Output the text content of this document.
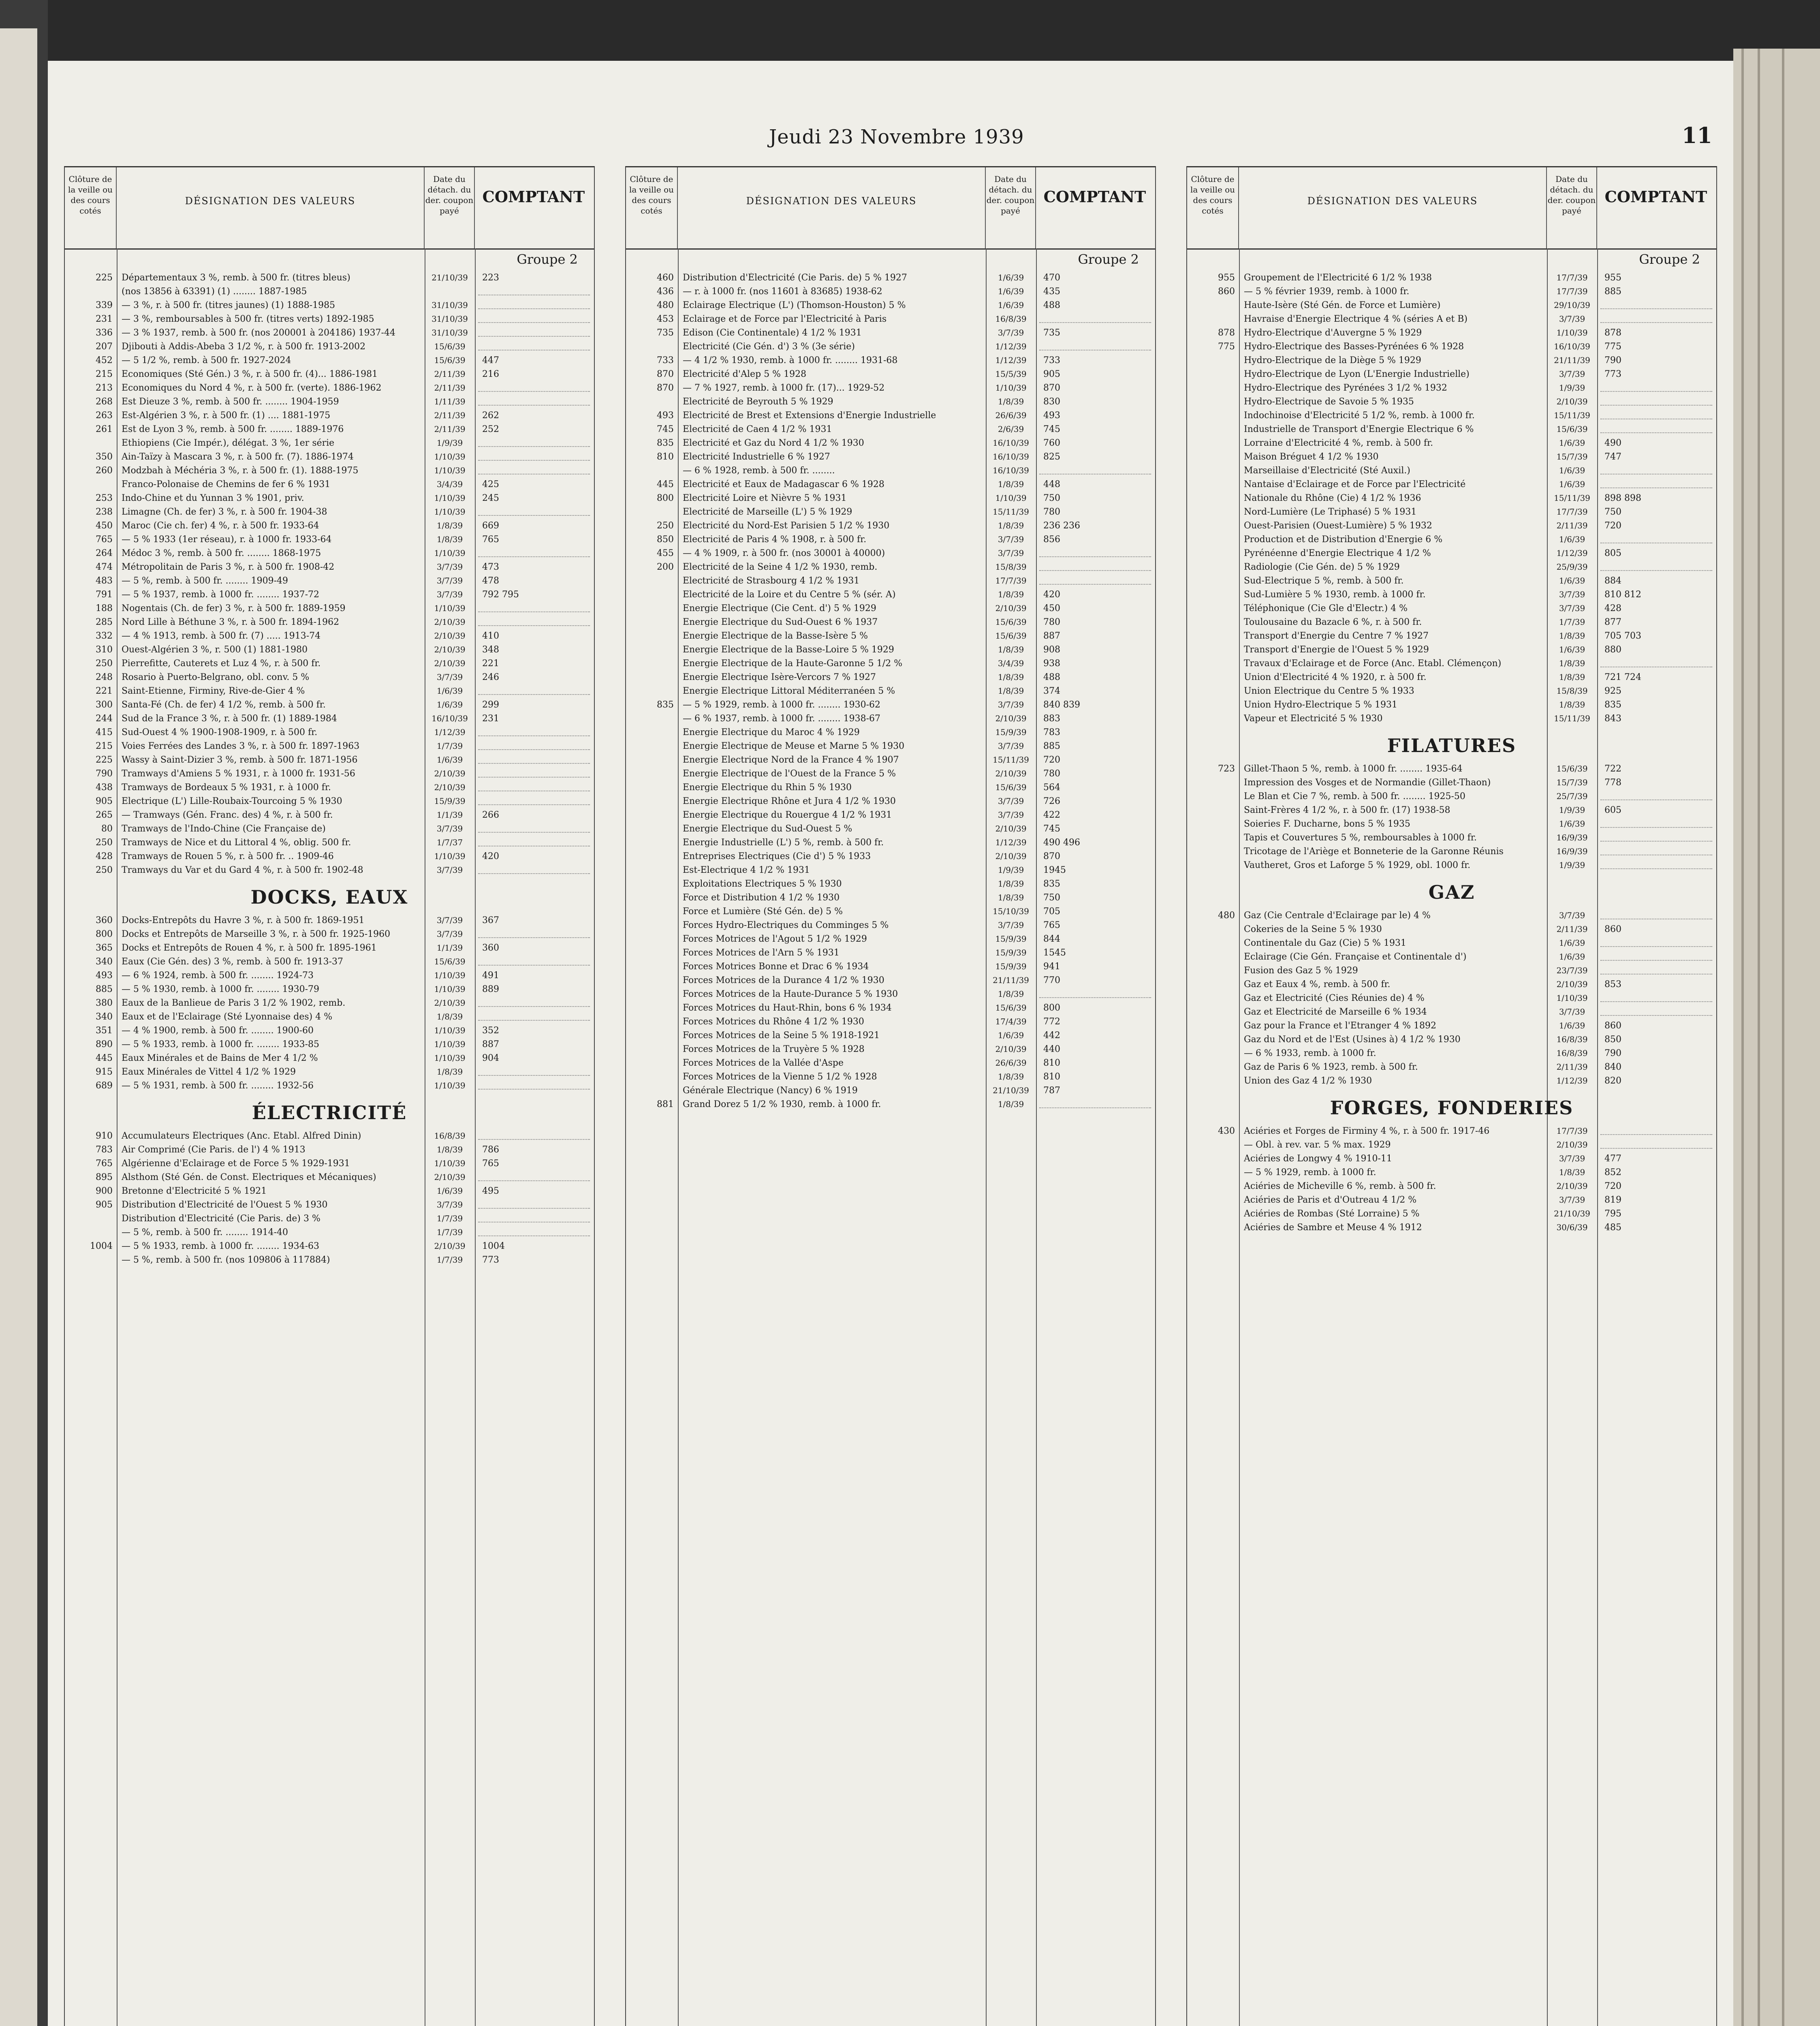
Jeudi 23 Novembre 1939	11
Clôture de la veille ou des cours cotés
DÉSIGNATION DES VALEURS
Date du détach. du der. coupon payé
COMPTANT
Groupe 2
225 Départementaux 3 %, remb. à 500 fr. (titres bleus)	21/10/39 223
(nos 13856 à 63391) (1) ........ 1887-1985
339 — 3 %, r. à 500 fr. (titres jaunes) (1) 1888-1985	31/10/39
231 — 3 %, remboursables à 500 fr. (titres verts) 1892-1985	31/10/39
336 — 3 % 1937, remb. à 500 fr. (nos 200001 à 204186) 1937-44	31/10/39
207 Djibouti à Addis-Abeba 3 1/2 %, r. à 500 fr. 1913-2002	15/6/39
452 — 5 1/2 %, remb. à 500 fr. 1927-2024	15/6/39	447
215 Economiques (Sté Gén.) 3 %, r. à 500 fr. (4)... 1886-1981	2/11/39	216
213 Economiques du Nord 4 %, r. à 500 fr. (verte). 1886-1962	2/11/39
268 Est Dieuze 3 %, remb. à 500 fr. ........ 1904-1959	1/11/39
263 Est-Algérien 3 %, r. à 500 fr. (1) .... 1881-1975	2/11/39	262
261 Est de Lyon 3 %, remb. à 500 fr. ........ 1889-1976	2/11/39	252
Ethiopiens (Cie Impér.), délégat. 3 %, 1er série	1/9/39
350 Ain-Taïzy à Mascara 3 %, r. à 500 fr. (7). 1886-1974	1/10/39
260 Modzbah à Méchéria 3 %, r. à 500 fr. (1). 1888-1975	1/10/39
Franco-Polonaise de Chemins de fer 6 % 1931	3/4/39	425
253 Indo-Chine et du Yunnan 3 % 1901, priv.	1/10/39	245
238 Limagne (Ch. de fer) 3 %, r. à 500 fr. 1904-38	1/10/39
450 Maroc (Cie ch. fer) 4 %, r. à 500 fr. 1933-64	1/8/39	669
765 — 5 % 1933 (1er réseau), r. à 1000 fr. 1933-64	1/8/39	765
264 Médoc 3 %, remb. à 500 fr. ........ 1868-1975	1/10/39
474 Métropolitain de Paris 3 %, r. à 500 fr. 1908-42	3/7/39	473
483 — 5 %, remb. à 500 fr. ........ 1909-49	3/7/39	478
791 — 5 % 1937, remb. à 1000 fr. ........ 1937-72	3/7/39	792 795
188 Nogentais (Ch. de fer) 3 %, r. à 500 fr. 1889-1959	1/10/39
285 Nord Lille à Béthune 3 %, r. à 500 fr. 1894-1962	2/10/39
332 — 4 % 1913, remb. à 500 fr. (7) ..... 1913-74	2/10/39	410
310 Ouest-Algérien 3 %, r. 500 (1) 1881-1980	2/10/39	348
250 Pierrefitte, Cauterets et Luz 4 %, r. à 500 fr.	2/10/39	221
248 Rosario à Puerto-Belgrano, obl. conv. 5 %	3/7/39	246
221 Saint-Etienne, Firminy, Rive-de-Gier 4 %	1/6/39
300 Santa-Fé (Ch. de fer) 4 1/2 %, remb. à 500 fr.	1/6/39	299
244 Sud de la France 3 %, r. à 500 fr. (1) 1889-1984	16/10/39 231
415 Sud-Ouest 4 % 1900-1908-1909, r. à 500 fr.	1/12/39
215 Voies Ferrées des Landes 3 %, r. à 500 fr. 1897-1963	1/7/39
225 Wassy à Saint-Dizier 3 %, remb. à 500 fr. 1871-1956	1/6/39
790 Tramways d'Amiens 5 % 1931, r. à 1000 fr. 1931-56	2/10/39
438 Tramways de Bordeaux 5 % 1931, r. à 1000 fr.	2/10/39
905 Electrique (L') Lille-Roubaix-Tourcoing 5 % 1930	15/9/39
265 — Tramways (Gén. Franc. des) 4 %, r. à 500 fr.	1/1/39	266
80 Tramways de l'Indo-Chine (Cie Française de)	3/7/39
250 Tramways de Nice et du Littoral 4 %, oblig. 500 fr.	1/7/37
428 Tramways de Rouen 5 %, r. à 500 fr. .. 1909-46	1/10/39	420
250 Tramways du Var et du Gard 4 %, r. à 500 fr. 1902-48	3/7/39
DOCKS, EAUX
360 Docks-Entrepôts du Havre 3 %, r. à 500 fr. 1869-1951	3/7/39	367
800 Docks et Entrepôts de Marseille 3 %, r. à 500 fr. 1925-1960	3/7/39
365 Docks et Entrepôts de Rouen 4 %, r. à 500 fr. 1895-1961	1/1/39	360
340 Eaux (Cie Gén. des) 3 %, remb. à 500 fr. 1913-37	15/6/39
493 — 6 % 1924, remb. à 500 fr. ........ 1924-73	1/10/39	491
885 — 5 % 1930, remb. à 1000 fr. ........ 1930-79	1/10/39	889
380 Eaux de la Banlieue de Paris 3 1/2 % 1902, remb.	2/10/39
340 Eaux et de l'Eclairage (Sté Lyonnaise des) 4 %	1/8/39
351 — 4 % 1900, remb. à 500 fr. ........ 1900-60	1/10/39	352
890 — 5 % 1933, remb. à 1000 fr. ........ 1933-85	1/10/39	887
445 Eaux Minérales et de Bains de Mer 4 1/2 %	1/10/39	904
915 Eaux Minérales de Vittel 4 1/2 % 1929	1/8/39
689 — 5 % 1931, remb. à 500 fr. ........ 1932-56	1/10/39
ÉLECTRICITÉ
910 Accumulateurs Électriques (Anc. Etabl. Alfred Dinin)	16/8/39
783 Air Comprimé (Cie Paris. de l') 4 % 1913	1/8/39	786
765 Algérienne d'Eclairage et de Force 5 % 1929-1931	1/10/39	765
895 Alsthom (Sté Gén. de Const. Electriques et Mécaniques)	2/10/39
900 Bretonne d'Electricité 5 % 1921	1/6/39	495
905 Distribution d'Electricité de l'Ouest 5 % 1930	3/7/39
Distribution d'Electricité (Cie Paris. de) 3 %	1/7/39
— 5 %, remb. à 500 fr. ........ 1914-40	1/7/39
1004 — 5 % 1933, remb. à 1000 fr. ........ 1934-63	2/10/39	1004
— 5 %, remb. à 500 fr. (nos 109806 à 117884)	1/7/39	773
Clôture de la veille ou des cours cotés
DÉSIGNATION DES VALEURS
Date du détach. du der. coupon payé
COMPTANT
Groupe 2
460 Distribution d'Électricité (Cie Paris. de) 5 % 1927	1/6/39	470
436 — r. à 1000 fr. (nos 11601 à 83685) 1938-62	1/6/39	435
480 Eclairage Electrique (L') (Thomson-Houston) 5 %	1/6/39	488
453 Eclairage et de Force par l'Electricité à Paris	16/8/39
735 Edison (Cie Continentale) 4 1/2 % 1931	3/7/39	735
Electricité (Cie Gén. d') 3 % (3e série)	1/12/39
733 — 4 1/2 % 1930, remb. à 1000 fr. ........ 1931-68	1/12/39	733
870 Electricité d'Alep 5 % 1928	15/5/39	905
870 — 7 % 1927, remb. à 1000 fr. (17)... 1929-52	1/10/39	870
Electricité de Beyrouth 5 % 1929	1/8/39	830
493 Electricité de Brest et Extensions d'Energie Industrielle	26/6/39	493
745 Electricité de Caen 4 1/2 % 1931	2/6/39	745
835 Electricité et Gaz du Nord 4 1/2 % 1930	16/10/39 760
810 Electricité Industrielle 6 % 1927	16/10/39 825
— 6 % 1928, remb. à 500 fr. ........	16/10/39
445 Electricité et Eaux de Madagascar 6 % 1928	1/8/39	448
800 Electricité Loire et Nièvre 5 % 1931	1/10/39	750
Electricité de Marseille (L') 5 % 1929	15/11/39 780
250 Electricité du Nord-Est Parisien 5 1/2 % 1930	1/8/39	236 236
850 Electricité de Paris 4 % 1908, r. à 500 fr.	3/7/39	856
455 — 4 % 1909, r. à 500 fr. (nos 30001 à 40000)	3/7/39
200 Electricité de la Seine 4 1/2 % 1930, remb.	15/8/39
Electricité de Strasbourg 4 1/2 % 1931	17/7/39
Electricité de la Loire et du Centre 5 % (sér. A)	1/8/39	420
Energie Electrique (Cie Cent. d') 5 % 1929	2/10/39	450
Energie Electrique du Sud-Ouest 6 % 1937	15/6/39	780
Energie Electrique de la Basse-Isère 5 %	15/6/39	887
Energie Electrique de la Basse-Loire 5 % 1929	1/8/39	908
Energie Electrique de la Haute-Garonne 5 1/2 %	3/4/39	938
Energie Electrique Isère-Vercors 7 % 1927	1/8/39	488
Energie Electrique Littoral Méditerranéen 5 %	1/8/39	374
835 — 5 % 1929, remb. à 1000 fr. ........ 1930-62	3/7/39	840 839
— 6 % 1937, remb. à 1000 fr. ........ 1938-67	2/10/39	883
Energie Electrique du Maroc 4 % 1929	15/9/39	783
Energie Electrique de Meuse et Marne 5 % 1930	3/7/39	885
Energie Electrique Nord de la France 4 % 1907	15/11/39 720
Energie Electrique de l'Ouest de la France 5 %	2/10/39	780
Energie Electrique du Rhin 5 % 1930	15/6/39	564
Energie Electrique Rhône et Jura 4 1/2 % 1930	3/7/39	726
Energie Electrique du Rouergue 4 1/2 % 1931	3/7/39	422
Energie Electrique du Sud-Ouest 5 %	2/10/39	745
Energie Industrielle (L') 5 %, remb. à 500 fr.	1/12/39	490 496
Entreprises Electriques (Cie d') 5 % 1933	2/10/39	870
Est-Electrique 4 1/2 % 1931	1/9/39	1945
Exploitations Electriques 5 % 1930	1/8/39	835
Force et Distribution 4 1/2 % 1930	1/8/39	750
Force et Lumière (Sté Gén. de) 5 %	15/10/39 705
Forces Hydro-Electriques du Comminges 5 %	3/7/39	765
Forces Motrices de l'Agout 5 1/2 % 1929	15/9/39	844
Forces Motrices de l'Arn 5 % 1931	15/9/39	1545
Forces Motrices Bonne et Drac 6 % 1934	15/9/39	941
Forces Motrices de la Durance 4 1/2 % 1930	21/11/39 770
Forces Motrices de la Haute-Durance 5 % 1930	1/8/39
Forces Motrices du Haut-Rhin, bons 6 % 1934	15/6/39	800
Forces Motrices du Rhône 4 1/2 % 1930	17/4/39	772
Forces Motrices de la Seine 5 % 1918-1921	1/6/39	442
Forces Motrices de la Truyère 5 % 1928	2/10/39	440
Forces Motrices de la Vallée d'Aspe	26/6/39	810
Forces Motrices de la Vienne 5 1/2 % 1928	1/8/39	810
Générale Electrique (Nancy) 6 % 1919	21/10/39 787
881 Grand Dorez 5 1/2 % 1930, remb. à 1000 fr.	1/8/39
Clôture de la veille ou des cours cotés
DÉSIGNATION DES VALEURS
Date du détach. du der. coupon payé
COMPTANT
Groupe 2
955 Groupement de l'Electricité 6 1/2 % 1938	17/7/39	955
860 — 5 % février 1939, remb. à 1000 fr.	17/7/39	885
Haute-Isère (Sté Gén. de Force et Lumière)	29/10/39
Havraise d'Energie Electrique 4 % (séries A et B)	3/7/39
878 Hydro-Electrique d'Auvergne 5 % 1929	1/10/39	878
775 Hydro-Electrique des Basses-Pyrénées 6 % 1928	16/10/39 775
Hydro-Electrique de la Diège 5 % 1929	21/11/39 790
Hydro-Electrique de Lyon (L'Energie Industrielle)	3/7/39	773
Hydro-Electrique des Pyrénées 3 1/2 % 1932	1/9/39
Hydro-Electrique de Savoie 5 % 1935	2/10/39
Indochinoise d'Electricité 5 1/2 %, remb. à 1000 fr.	15/11/39
Industrielle de Transport d'Energie Electrique 6 %	15/6/39
Lorraine d'Electricité 4 %, remb. à 500 fr.	1/6/39	490
Maison Bréguet 4 1/2 % 1930	15/7/39	747
Marseillaise d'Electricité (Sté Auxil.)	1/6/39
Nantaise d'Eclairage et de Force par l'Electricité	1/6/39
Nationale du Rhône (Cie) 4 1/2 % 1936	15/11/39 898 898
Nord-Lumière (Le Triphasé) 5 % 1931	17/7/39	750
Ouest-Parisien (Ouest-Lumière) 5 % 1932	2/11/39	720
Production et de Distribution d'Energie 6 %	1/6/39
Pyrénéenne d'Energie Electrique 4 1/2 %	1/12/39	805
Radiologie (Cie Gén. de) 5 % 1929	25/9/39
Sud-Electrique 5 %, remb. à 500 fr.	1/6/39	884
Sud-Lumière 5 % 1930, remb. à 1000 fr.	3/7/39	810 812
Téléphonique (Cie Gle d'Electr.) 4 %	3/7/39	428
Toulousaine du Bazacle 6 %, r. à 500 fr.	1/7/39	877
Transport d'Energie du Centre 7 % 1927	1/8/39	705 703
Transport d'Energie de l'Ouest 5 % 1929	1/6/39	880
Travaux d'Eclairage et de Force (Anc. Etabl. Clémençon)	1/8/39
Union d'Electricité 4 % 1920, r. à 500 fr.	1/8/39	721 724
Union Electrique du Centre 5 % 1933	15/8/39	925
Union Hydro-Electrique 5 % 1931	1/8/39	835
Vapeur et Electricité 5 % 1930	15/11/39 843
FILATURES
723 Gillet-Thaon 5 %, remb. à 1000 fr. ........ 1935-64	15/6/39	722
Impression des Vosges et de Normandie (Gillet-Thaon)	15/7/39	778
Le Blan et Cie 7 %, remb. à 500 fr. ........ 1925-50	25/7/39
Saint-Frères 4 1/2 %, r. à 500 fr. (17) 1938-58	1/9/39	605
Soieries F. Ducharne, bons 5 % 1935	1/6/39
Tapis et Couvertures 5 %, remboursables à 1000 fr.	16/9/39
Tricotage de l'Ariège et Bonneterie de la Garonne Réunis	16/9/39
Vautheret, Gros et Laforge 5 % 1929, obl. 1000 fr.	1/9/39
GAZ
480 Gaz (Cie Centrale d'Eclairage par le) 4 %	3/7/39
Cokeries de la Seine 5 % 1930	2/11/39	860
Continentale du Gaz (Cie) 5 % 1931	1/6/39
Eclairage (Cie Gén. Française et Continentale d')	1/6/39
Fusion des Gaz 5 % 1929	23/7/39
Gaz et Eaux 4 %, remb. à 500 fr.	2/10/39	853
Gaz et Electricité (Cies Réunies de) 4 %	1/10/39
Gaz et Electricité de Marseille 6 % 1934	3/7/39
Gaz pour la France et l'Etranger 4 % 1892	1/6/39	860
Gaz du Nord et de l'Est (Usines à) 4 1/2 % 1930	16/8/39	850
— 6 % 1933, remb. à 1000 fr.	16/8/39	790
Gaz de Paris 6 % 1923, remb. à 500 fr.	2/11/39	840
Union des Gaz 4 1/2 % 1930	1/12/39	820
FORGES, FONDERIES
430 Aciéries et Forges de Firminy 4 %, r. à 500 fr. 1917-46	17/7/39
— Obl. à rev. var. 5 % max. 1929	2/10/39
Aciéries de Longwy 4 % 1910-11	3/7/39	477
— 5 % 1929, remb. à 1000 fr.	1/8/39	852
Aciéries de Micheville 6 %, remb. à 500 fr.	2/10/39	720
Aciéries de Paris et d'Outreau 4 1/2 %	3/7/39	819
Aciéries de Rombas (Sté Lorraine) 5 %	21/10/39 795
Aciéries de Sambre et Meuse 4 % 1912	30/6/39	485
